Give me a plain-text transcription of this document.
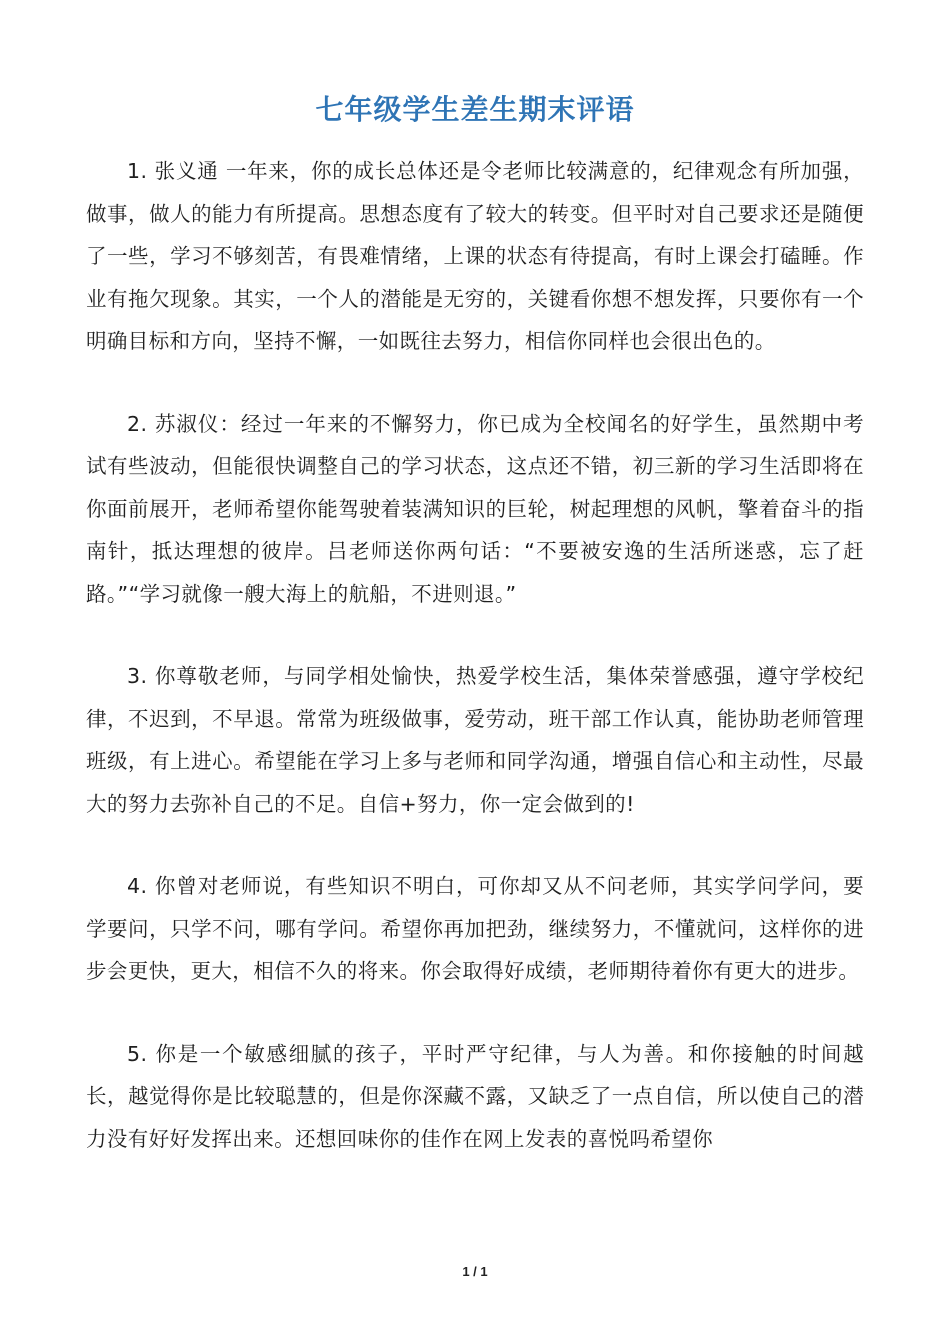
七年级学生差生期末评语

1. 张义通 一年来，你的成长总体还是令老师比较满意的，纪律观念有所加强，做事，做人的能力有所提高。思想态度有了较大的转变。但平时对自己要求还是随便了一些，学习不够刻苦，有畏难情绪，上课的状态有待提高，有时上课会打磕睡。作业有拖欠现象。其实，一个人的潜能是无穷的，关键看你想不想发挥，只要你有一个明确目标和方向，坚持不懈，一如既往去努力，相信你同样也会很出色的。

2. 苏淑仪：经过一年来的不懈努力，你已成为全校闻名的好学生，虽然期中考试有些波动，但能很快调整自己的学习状态，这点还不错，初三新的学习生活即将在你面前展开，老师希望你能驾驶着装满知识的巨轮，树起理想的风帆，擎着奋斗的指南针，抵达理想的彼岸。吕老师送你两句话：“不要被安逸的生活所迷惑，忘了赶路。”“学习就像一艘大海上的航船，不进则退。”

3. 你尊敬老师，与同学相处愉快，热爱学校生活，集体荣誉感强，遵守学校纪律，不迟到，不早退。常常为班级做事，爱劳动，班干部工作认真，能协助老师管理班级，有上进心。希望能在学习上多与老师和同学沟通，增强自信心和主动性，尽最大的努力去弥补自己的不足。自信+努力，你一定会做到的!

4. 你曾对老师说，有些知识不明白，可你却又从不问老师，其实学问学问，要学要问，只学不问，哪有学问。希望你再加把劲，继续努力，不懂就问，这样你的进步会更快，更大，相信不久的将来。你会取得好成绩，老师期待着你有更大的进步。

5. 你是一个敏感细腻的孩子，平时严守纪律，与人为善。和你接触的时间越长，越觉得你是比较聪慧的，但是你深藏不露，又缺乏了一点自信，所以使自己的潜力没有好好发挥出来。还想回味你的佳作在网上发表的喜悦吗希望你

1 / 1
